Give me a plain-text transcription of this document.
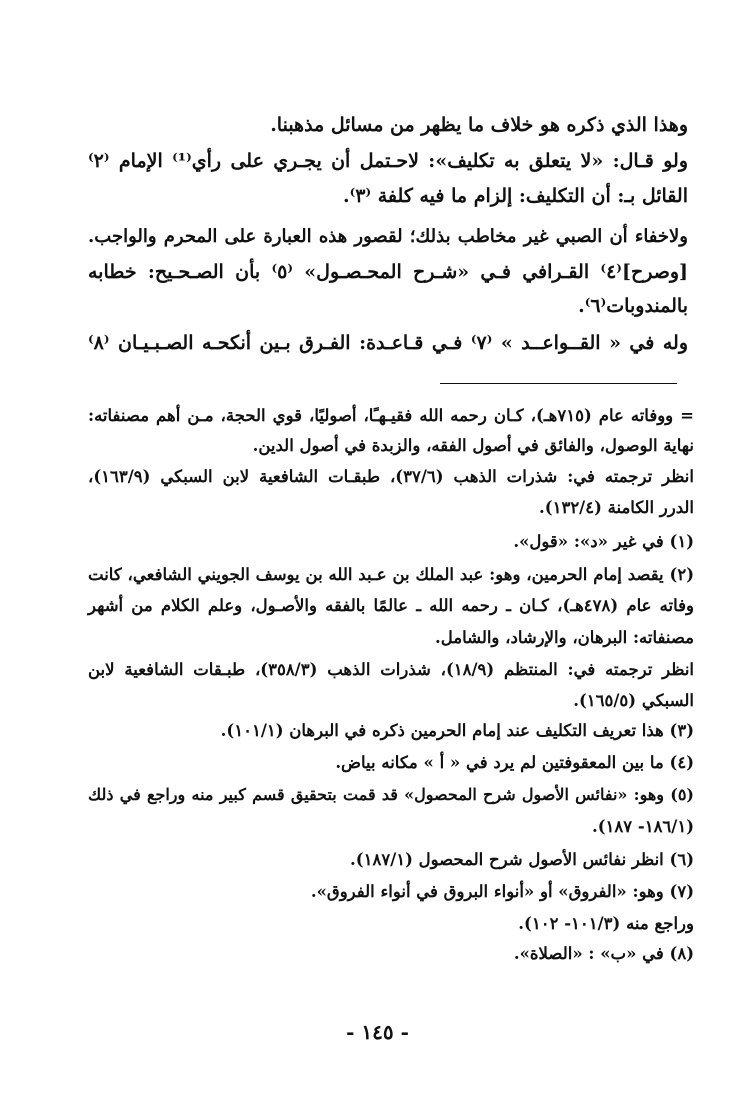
وهذا الذي ذكره هو خلاف ما يظهر من مسائل مذهبنا.
ولو قـال: «لا يتعلق به تكليف»: لاحـتمل أن يجـري على رأي⁽¹⁾ الإمام ⁽٢⁾
القائل بـ: أن التكليف: إلزام ما فيه كلفة ⁽٣⁾.
ولاخفاء أن الصبي غير مخاطب بذلك؛ لقصور هذه العبارة على المحرم والواجب.
[وصرح]⁽٤⁾ القـرافي فـي «شـرح المحـصـول» ⁽٥⁾ بأن الصـحـيح: خطابه
بالمندوبات⁽٦⁾.
وله في « القــواعــد » ⁽٧⁾ فـي قـاعـدة: الفـرق بـين أنكحـه الصـبـيـان ⁽٨⁾
= ووفاته عام (٧١٥هـ)، كـان رحمه الله فقيـهـًا، أصوليًا، قوي الحجة، مـن أهم مصنفاته:
نهاية الوصول، والفائق في أصول الفقه، والزبدة في أصول الدين.
انظر ترجمته في: شذرات الذهب (٣٧/٦)، طبقـات الشافعية لابن السبكي (١٦٣/٩)،
الدرر الكامنة (١٣٢/٤).
(١) في غير «د»: «قول».
(٢) يقصد إمام الحرمين، وهو: عبد الملك بن عـبد الله بن يوسف الجويني الشافعي، كانت
وفاته عام (٤٧٨هـ)، كـان ـ رحمه الله ـ عالمًا بالفقه والأصـول، وعلم الكلام من أشهر
مصنفاته: البرهان، والإرشاد، والشامل.
انظر ترجمته في: المنتظم (١٨/٩)، شذرات الذهب (٣٥٨/٣)، طبـقات الشافعية لابن
السبكي (١٦٥/٥).
(٣) هذا تعريف التكليف عند إمام الحرمين ذكره في البرهان (١٠١/١).
(٤) ما بين المعقوفتين لم يرد في « أ » مكانه بياض.
(٥) وهو: «نفائس الأصول شرح المحصول» قد قمت بتحقيق قسم كبير منه وراجع في ذلك
(١٨٦/١- ١٨٧).
(٦) انظر نفائس الأصول شرح المحصول (١٨٧/١).
(٧) وهو: «الفروق» أو «أنواء البروق في أنواء الفروق».
وراجع منه (١٠١/٣- ١٠٢).
(٨) في «ب» : «الصلاة».
- ١٤٥ -
